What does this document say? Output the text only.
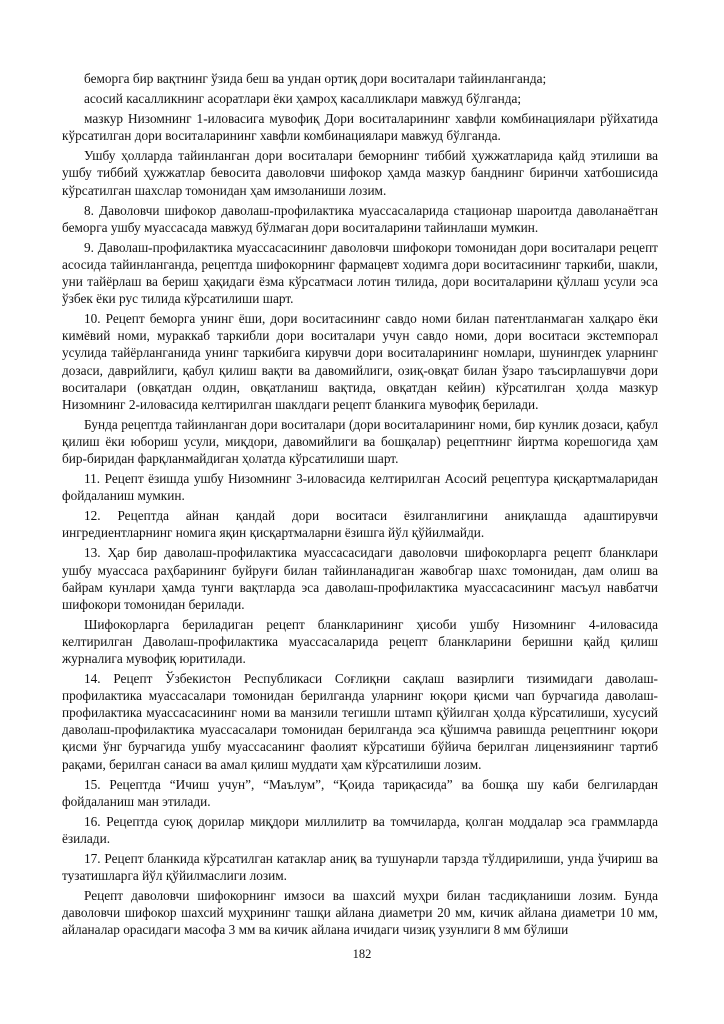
беморга бир вақтнинг ўзида беш ва ундан ортиқ дори воситалари тайинланганда;

асосий касалликнинг асоратлари ёки ҳамроҳ касалликлари мавжуд бўлганда;

мазкур Низомнинг 1-иловасига мувофиқ Дори воситаларининг хавфли комбинациялари рўйхатида кўрсатилган дори воситаларининг хавфли комбинациялари мавжуд бўлганда.

Ушбу ҳолларда тайинланган дори воситалари беморнинг тиббий ҳужжатларида қайд этилиши ва ушбу тиббий ҳужжатлар бевосита даволовчи шифокор ҳамда мазкур банднинг биринчи хатбошисида кўрсатилган шахслар томонидан ҳам имзоланиши лозим.

8. Даволовчи шифокор даволаш-профилактика муассасаларида стационар шароитда даволанаётган беморга ушбу муассасада мавжуд бўлмаган дори воситаларини тайинлаши мумкин.

9. Даволаш-профилактика муассасасининг даволовчи шифокори томонидан дори воситалари рецепт асосида тайинланганда, рецептда шифокорнинг фармацевт ходимга дори воситасининг таркиби, шакли, уни тайёрлаш ва бериш ҳақидаги ёзма кўрсатмаси лотин тилида, дори воситаларини қўллаш усули эса ўзбек ёки рус тилида кўрсатилиши шарт.

10. Рецепт беморга унинг ёши, дори воситасининг савдо номи билан патентланмаган халқаро ёки кимёвий номи, мураккаб таркибли дори воситалари учун савдо номи, дори воситаси экстемпорал усулида тайёрланганида унинг таркибига кирувчи дори воситаларининг номлари, шунингдек уларнинг дозаси, даврийлиги, қабул қилиш вақти ва давомийлиги, озиқ-овқат билан ўзаро таъсирлашувчи дори воситалари (овқатдан олдин, овқатланиш вақтида, овқатдан кейин) кўрсатилган ҳолда мазкур Низомнинг 2-иловасида келтирилган шаклдаги рецепт бланкига мувофиқ берилади.

Бунда рецептда тайинланган дори воситалари (дори воситаларининг номи, бир кунлик дозаси, қабул қилиш ёки юбориш усули, миқдори, давомийлиги ва бошқалар) рецептнинг йиртма корешогида ҳам бир-биридан фарқланмайдиган ҳолатда кўрсатилиши шарт.

11. Рецепт ёзишда ушбу Низомнинг 3-иловасида келтирилган Асосий рецептура қисқартмаларидан фойдаланиш мумкин.

12. Рецептда айнан қандай дори воситаси ёзилганлигини аниқлашда адаштирувчи ингредиентларнинг номига яқин қисқартмаларни ёзишга йўл қўйилмайди.

13. Ҳар бир даволаш-профилактика муассасасидаги даволовчи шифокорларга рецепт бланклари ушбу муассаса раҳбарининг буйруғи билан тайинланадиган жавобгар шахс томонидан, дам олиш ва байрам кунлари ҳамда тунги вақтларда эса даволаш-профилактика муассасасининг масъул навбатчи шифокори томонидан берилади.

Шифокорларга бериладиган рецепт бланкларининг ҳисоби ушбу Низомнинг 4-иловасида келтирилган Даволаш-профилактика муассасаларида рецепт бланкларини беришни қайд қилиш журналига мувофиқ юритилади.

14. Рецепт Ўзбекистон Республикаси Соғлиқни сақлаш вазирлиги тизимидаги даволаш-профилактика муассасалари томонидан берилганда уларнинг юқори қисми чап бурчагида даволаш-профилактика муассасасининг номи ва манзили тегишли штамп қўйилган ҳолда кўрсатилиши, хусусий даволаш-профилактика муассасалари томонидан берилганда эса қўшимча равишда рецептнинг юқори қисми ўнг бурчагида ушбу муассасанинг фаолият кўрсатиши бўйича берилган лицензиянинг тартиб рақами, берилган санаси ва амал қилиш муддати ҳам кўрсатилиши лозим.

15. Рецептда “Ичиш учун”, “Маълум”, “Қоида тариқасида” ва бошқа шу каби белгилардан фойдаланиш ман этилади.

16. Рецептда суюқ дорилар миқдори миллилитр ва томчиларда, қолган моддалар эса граммларда ёзилади.

17. Рецепт бланкида кўрсатилган катаклар аниқ ва тушунарли тарзда тўлдирилиши, унда ўчириш ва тузатишларга йўл қўйилмаслиги лозим.

Рецепт даволовчи шифокорнинг имзоси ва шахсий муҳри билан тасдиқланиши лозим. Бунда даволовчи шифокор шахсий муҳрининг ташқи айлана диаметри 20 мм, кичик айлана диаметри 10 мм, айланалар орасидаги масофа 3 мм ва кичик айлана ичидаги чизиқ узунлиги 8 мм бўлиши

182
